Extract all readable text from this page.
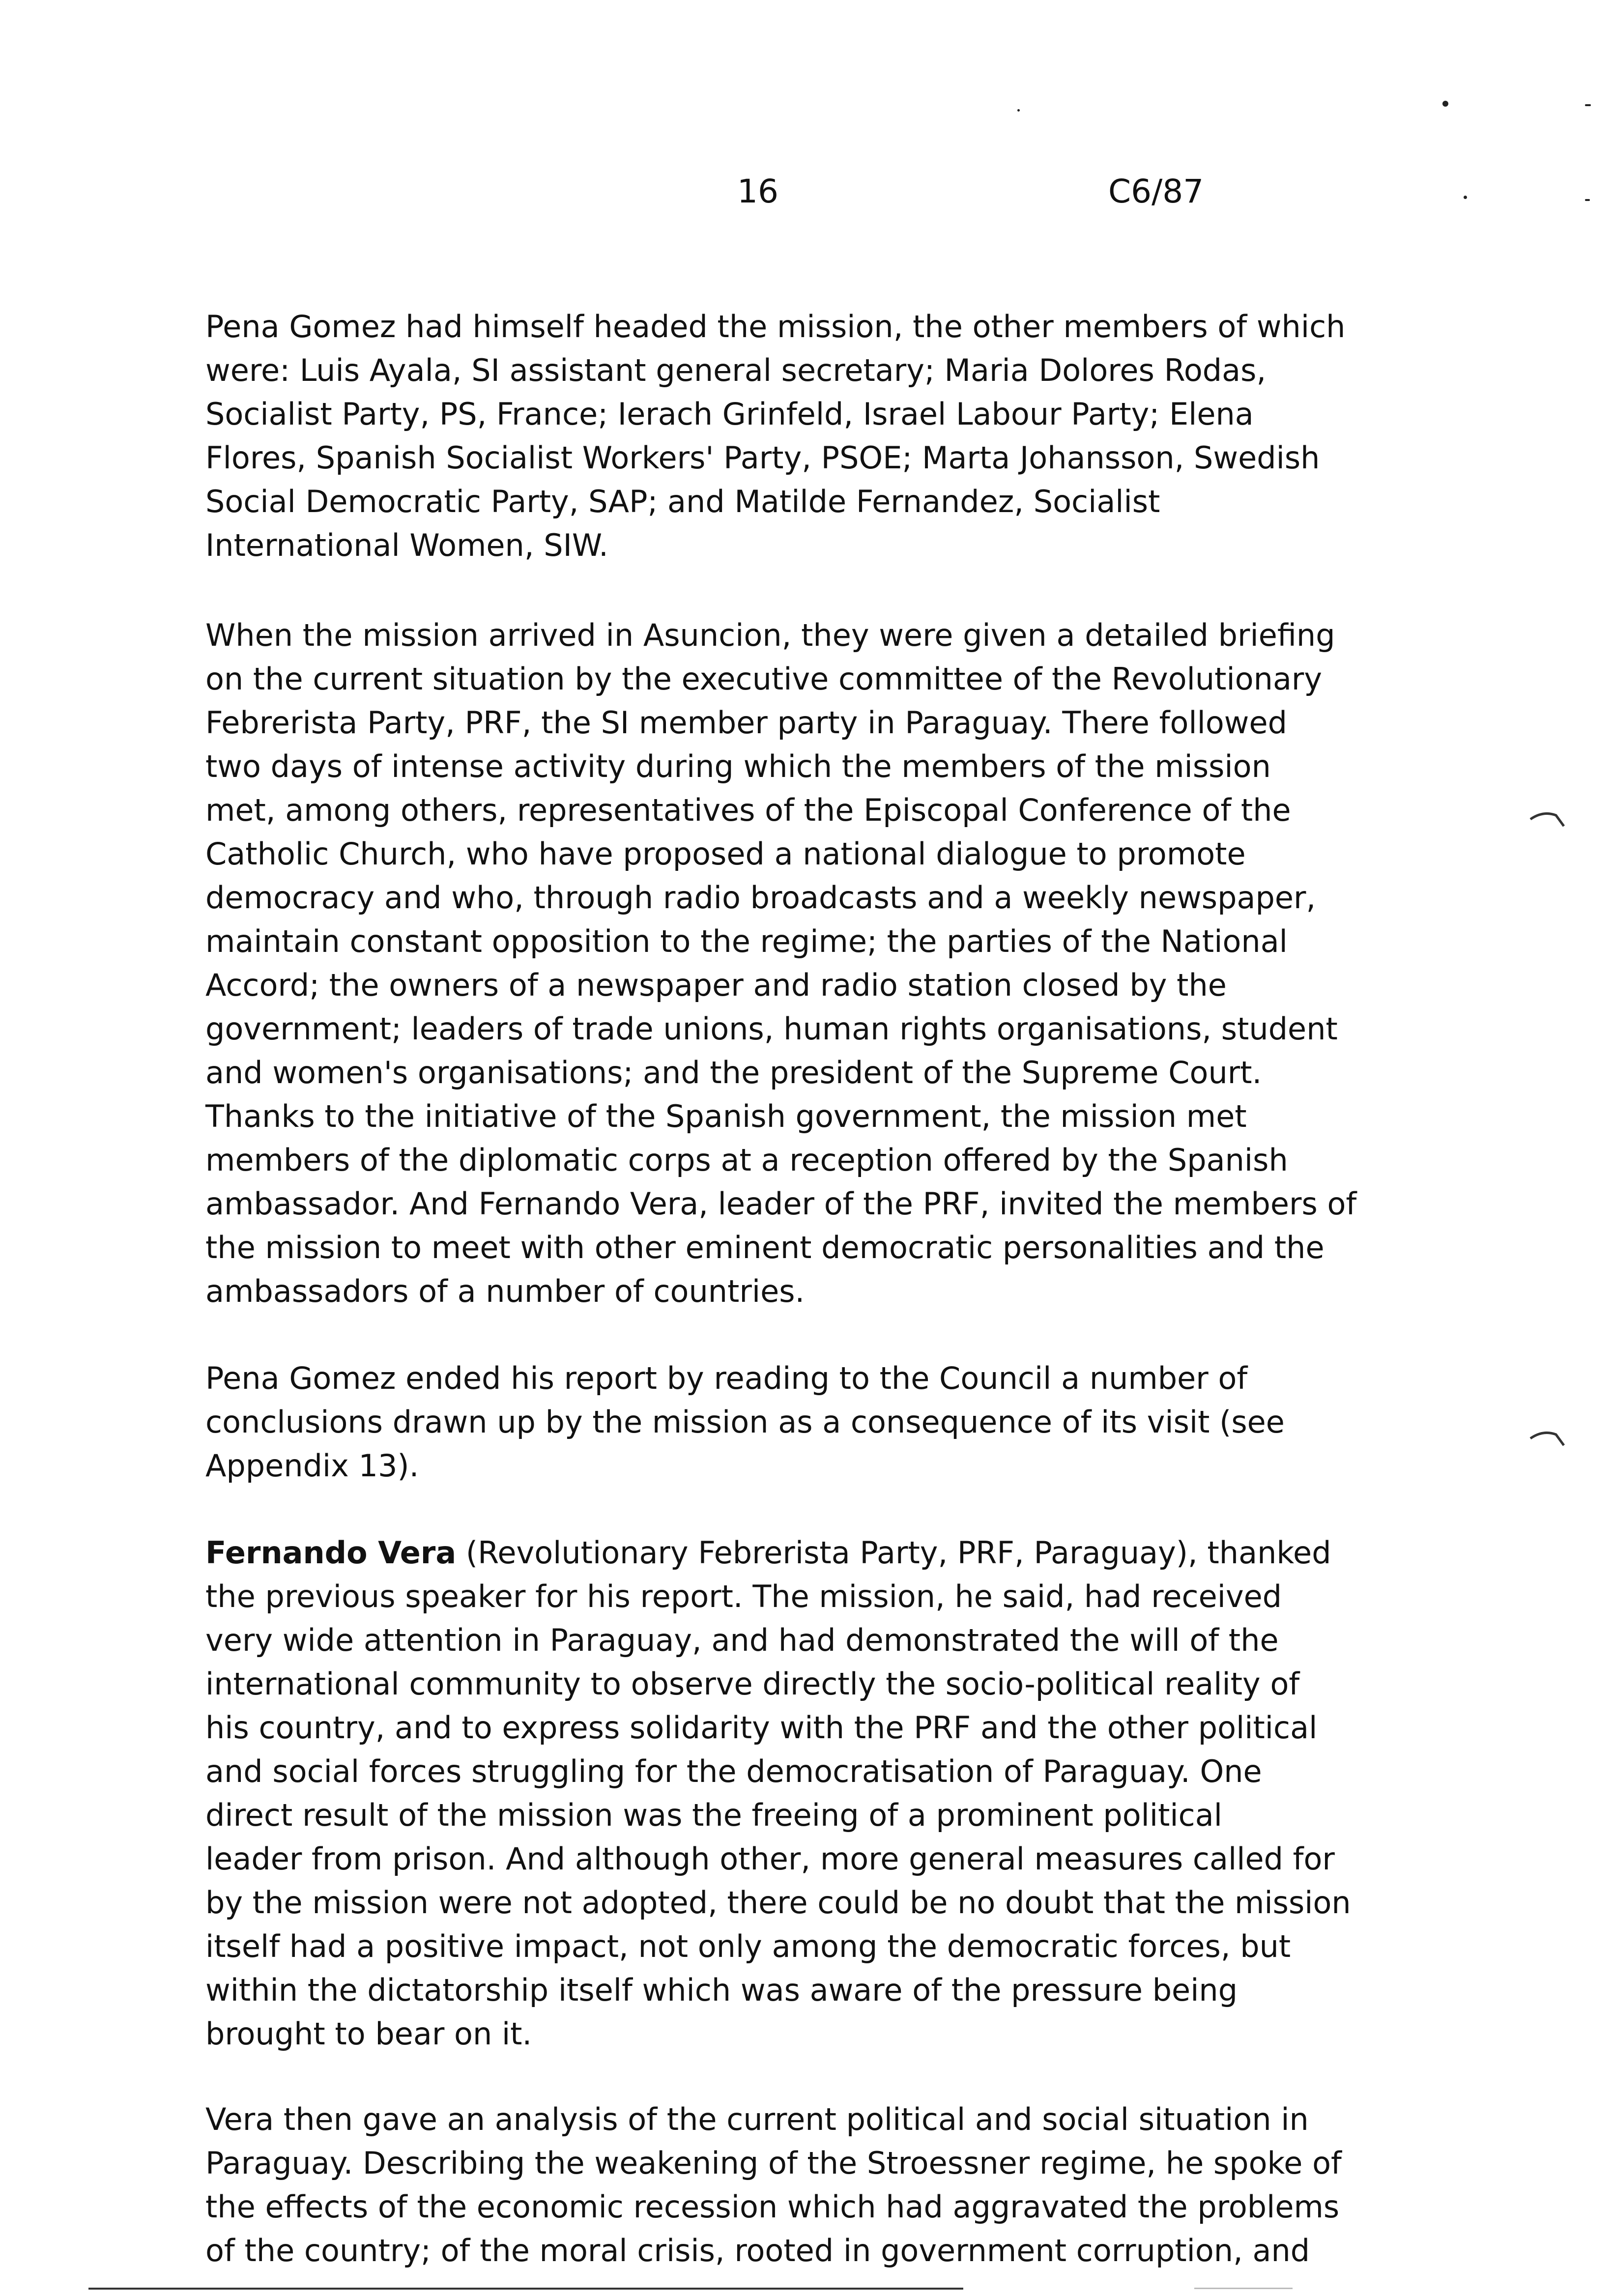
16	C6/87
Pena Gomez had himself headed the mission, the other members of which
were: Luis Ayala, SI assistant general secretary; Maria Dolores Rodas,
Socialist Party, PS, France; Ierach Grinfeld, Israel Labour Party; Elena
Flores, Spanish Socialist Workers' Party, PSOE; Marta Johansson, Swedish
Social Democratic Party, SAP; and Matilde Fernandez, Socialist
International Women, SIW.
When the mission arrived in Asuncion, they were given a detailed briefing
on the current situation by the executive committee of the Revolutionary
Febrerista Party, PRF, the SI member party in Paraguay. There followed
two days of intense activity during which the members of the mission
met, among others, representatives of the Episcopal Conference of the
Catholic Church, who have proposed a national dialogue to promote
democracy and who, through radio broadcasts and a weekly newspaper,
maintain constant opposition to the regime; the parties of the National
Accord; the owners of a newspaper and radio station closed by the
government; leaders of trade unions, human rights organisations, student
and women's organisations; and the president of the Supreme Court.
Thanks to the initiative of the Spanish government, the mission met
members of the diplomatic corps at a reception offered by the Spanish
ambassador. And Fernando Vera, leader of the PRF, invited the members of
the mission to meet with other eminent democratic personalities and the
ambassadors of a number of countries.
Pena Gomez ended his report by reading to the Council a number of
conclusions drawn up by the mission as a consequence of its visit (see
Appendix 13).
Fernando Vera (Revolutionary Febrerista Party, PRF, Paraguay), thanked
the previous speaker for his report. The mission, he said, had received
very wide attention in Paraguay, and had demonstrated the will of the
international community to observe directly the socio-political reality of
his country, and to express solidarity with the PRF and the other political
and social forces struggling for the democratisation of Paraguay. One
direct result of the mission was the freeing of a prominent political
leader from prison. And although other, more general measures called for
by the mission were not adopted, there could be no doubt that the mission
itself had a positive impact, not only among the democratic forces, but
within the dictatorship itself which was aware of the pressure being
brought to bear on it.
Vera then gave an analysis of the current political and social situation in
Paraguay. Describing the weakening of the Stroessner regime, he spoke of
the effects of the economic recession which had aggravated the problems
of the country; of the moral crisis, rooted in government corruption, and
